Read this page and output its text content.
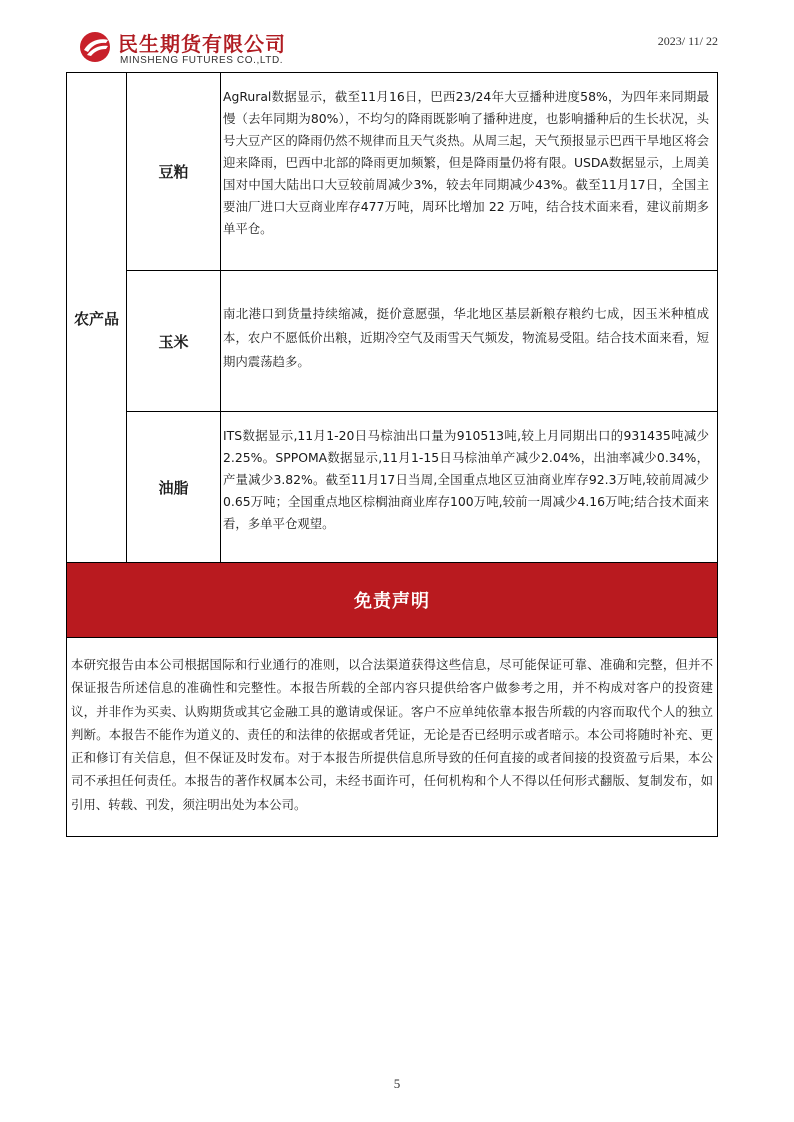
民生期货有限公司
MINSHENG FUTURES CO.,LTD.
2023/ 11/ 22
农产品
豆粕
AgRural数据显示，截至11月16日，巴西23/24年大豆播种进度58%，为四年来同期最慢（去年同期为80%），不均匀的降雨既影响了播种进度，也影响播种后的生长状况，头号大豆产区的降雨仍然不规律而且天气炎热。从周三起，天气预报显示巴西干旱地区将会迎来降雨，巴西中北部的降雨更加频繁，但是降雨量仍将有限。USDA数据显示，上周美国对中国大陆出口大豆较前周减少3%，较去年同期减少43%。截至11月17日，全国主要油厂进口大豆商业库存477万吨，周环比增加 22 万吨，结合技术面来看，建议前期多单平仓。
玉米
南北港口到货量持续缩减，挺价意愿强，华北地区基层新粮存粮约七成，因玉米种植成本，农户不愿低价出粮，近期冷空气及雨雪天气频发，物流易受阻。结合技术面来看，短期内震荡趋多。
油脂
ITS数据显示,11月1-20日马棕油出口量为910513吨,较上月同期出口的931435吨减少2.25%。SPPOMA数据显示,11月1-15日马棕油单产减少2.04%，出油率减少0.34%，产量减少3.82%。截至11月17日当周,全国重点地区豆油商业库存92.3万吨,较前周减少0.65万吨；全国重点地区棕榈油商业库存100万吨,较前一周减少4.16万吨;结合技术面来看，多单平仓观望。
免责声明
本研究报告由本公司根据国际和行业通行的准则，以合法渠道获得这些信息，尽可能保证可靠、准确和完整，但并不保证报告所述信息的准确性和完整性。本报告所载的全部内容只提供给客户做参考之用，并不构成对客户的投资建议，并非作为买卖、认购期货或其它金融工具的邀请或保证。客户不应单纯依靠本报告所载的内容而取代个人的独立判断。本报告不能作为道义的、责任的和法律的依据或者凭证，无论是否已经明示或者暗示。本公司将随时补充、更正和修订有关信息，但不保证及时发布。对于本报告所提供信息所导致的任何直接的或者间接的投资盈亏后果，本公司不承担任何责任。本报告的著作权属本公司，未经书面许可，任何机构和个人不得以任何形式翻版、复制发布，如引用、转载、刊发，须注明出处为本公司。
5
